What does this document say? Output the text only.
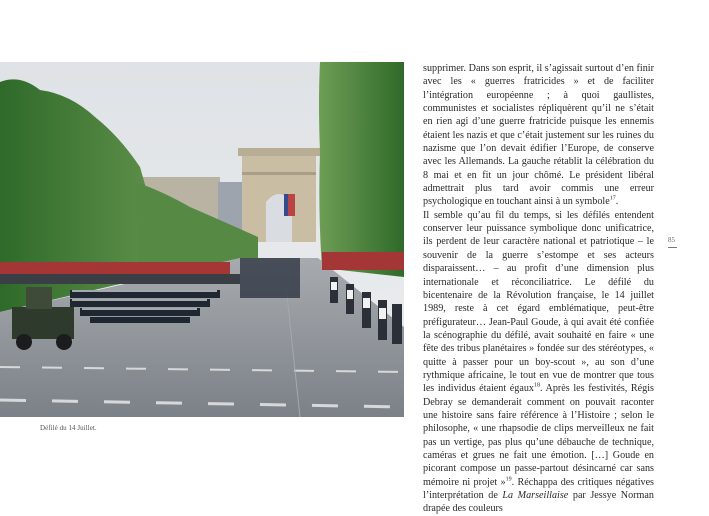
Défilé du 14 Juillet.

supprimer. Dans son esprit, il s’agissait surtout d’en finir avec les « guerres fratricides » et de faciliter l’intégration européenne ; à quoi gaullistes, communistes et socialistes répliquèrent qu’il ne s’était en rien agi d’une guerre fratricide puisque les ennemis étaient les nazis et que c’était justement sur les ruines du nazisme que l’on devait édifier l’Europe, de conserve avec les Allemands. La gauche rétablit la célébration du 8 mai et en fit un jour chômé. Le président libéral admettrait plus tard avoir commis une erreur psychologique en touchant ainsi à un symbole$^{17}$.

Il semble qu’au fil du temps, si les défilés entendent conserver leur puissance symbolique donc unificatrice, ils perdent de leur caractère national et patriotique – le souvenir de la guerre s’estompe et ses acteurs disparaissent… – au profit d’une dimension plus internationale et réconciliatrice. Le défilé du bicentenaire de la Révolution française, le 14 juillet 1989, reste à cet égard emblématique, peut-être préfigurateur… Jean-Paul Goude, à qui avait été confiée la scénographie du défilé, avait souhaité en faire « une fête des tribus planétaires » fondée sur des stéréotypes, « quitte à passer pour un boy-scout », au son d’une rythmique africaine, le tout en vue de montrer que tous les individus étaient égaux$^{18}$. Après les festivités, Régis Debray se demanderait comment on pouvait raconter une histoire sans faire référence à l’Histoire ; selon le philosophe, « une rhapsodie de clips merveilleux ne fait pas un vertige, pas plus qu’une débauche de technique, caméras et grues ne fait une émotion. […] Goude en picorant compose un passe-partout désincarné car sans mémoire ni projet »$^{19}$. Réchappa des critiques négatives l’interprétation de La Marseillaise par Jessye Norman drapée des couleurs

85
